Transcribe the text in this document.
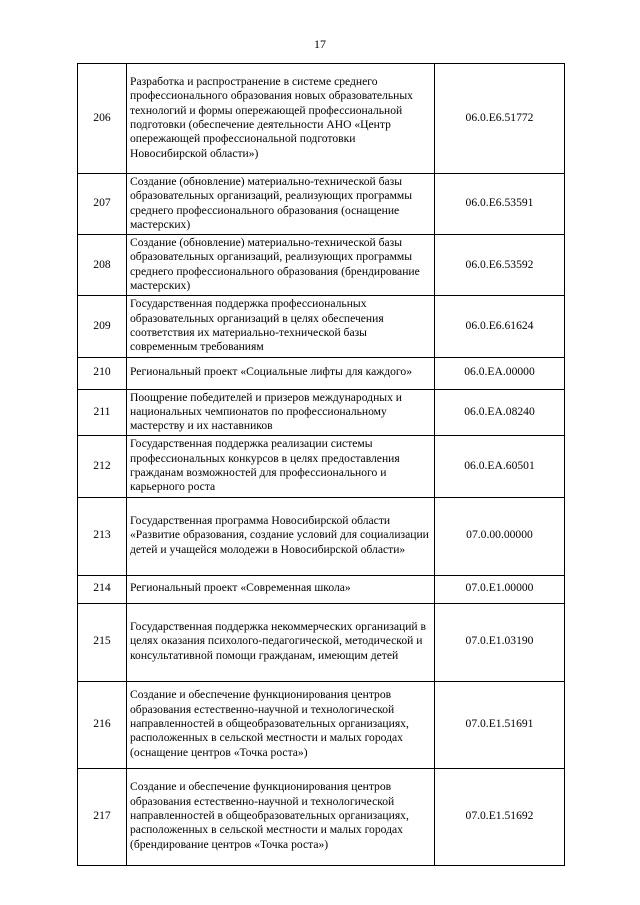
17
206	Разработка и распространение в системе среднего профессионального образования новых образовательных технологий и формы опережающей профессиональной подготовки (обеспечение деятельности АНО «Центр опережающей профессиональной подготовки Новосибирской области»)	06.0.E6.51772
207	Создание (обновление) материально-технической базы образовательных организаций, реализующих программы среднего профессионального образования (оснащение мастерских)	06.0.E6.53591
208	Создание (обновление) материально-технической базы образовательных организаций, реализующих программы среднего профессионального образования (брендирование мастерских)	06.0.E6.53592
209	Государственная поддержка профессиональных образовательных организаций в целях обеспечения соответствия их материально-технической базы современным требованиям	06.0.E6.61624
210	Региональный проект «Социальные лифты для каждого»	06.0.EA.00000
211	Поощрение победителей и призеров международных и национальных чемпионатов по профессиональному мастерству и их наставников	06.0.EA.08240
212	Государственная поддержка реализации системы профессиональных конкурсов в целях предоставления гражданам возможностей для профессионального и карьерного роста	06.0.EA.60501
213	Государственная программа Новосибирской области «Развитие образования, создание условий для социализации детей и учащейся молодежи в Новосибирской области»	07.0.00.00000
214	Региональный проект «Современная школа»	07.0.E1.00000
215	Государственная поддержка некоммерческих организаций в целях оказания психолого-педагогической, методической и консультативной помощи гражданам, имеющим детей	07.0.E1.03190
216	Создание и обеспечение функционирования центров образования естественно-научной и технологической направленностей в общеобразовательных организациях, расположенных в сельской местности и малых городах (оснащение центров «Точка роста»)	07.0.E1.51691
217	Создание и обеспечение функционирования центров образования естественно-научной и технологической направленностей в общеобразовательных организациях, расположенных в сельской местности и малых городах (брендирование центров «Точка роста»)	07.0.E1.51692
